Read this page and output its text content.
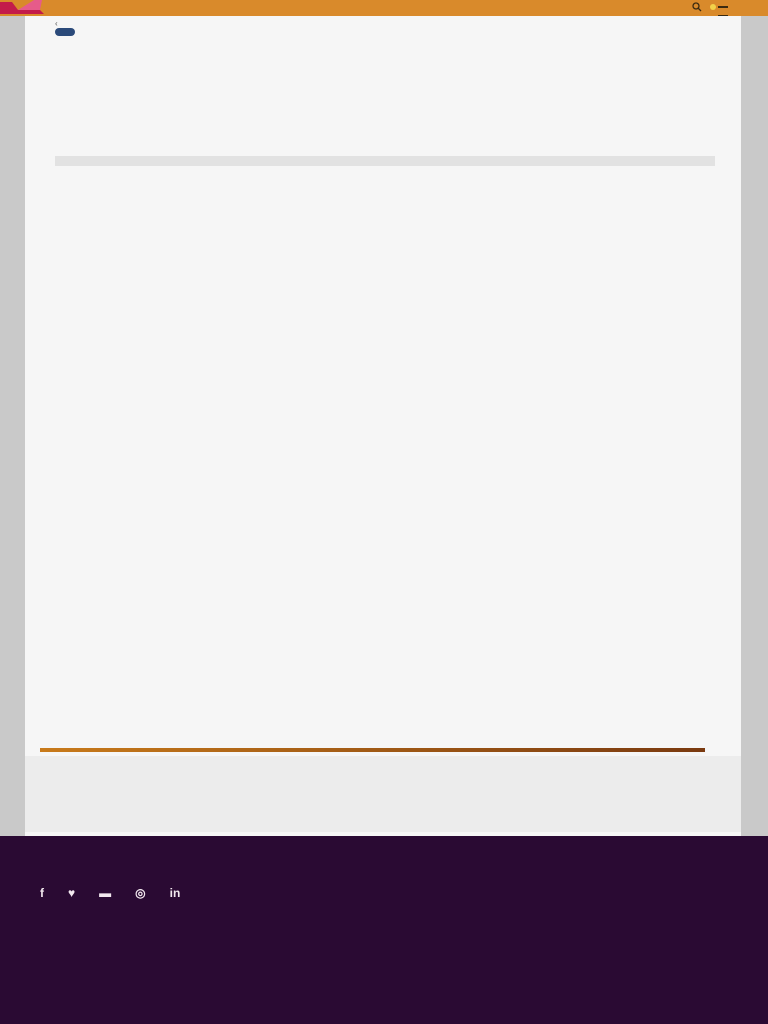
‹
f ♥ ▬ ◎ in
